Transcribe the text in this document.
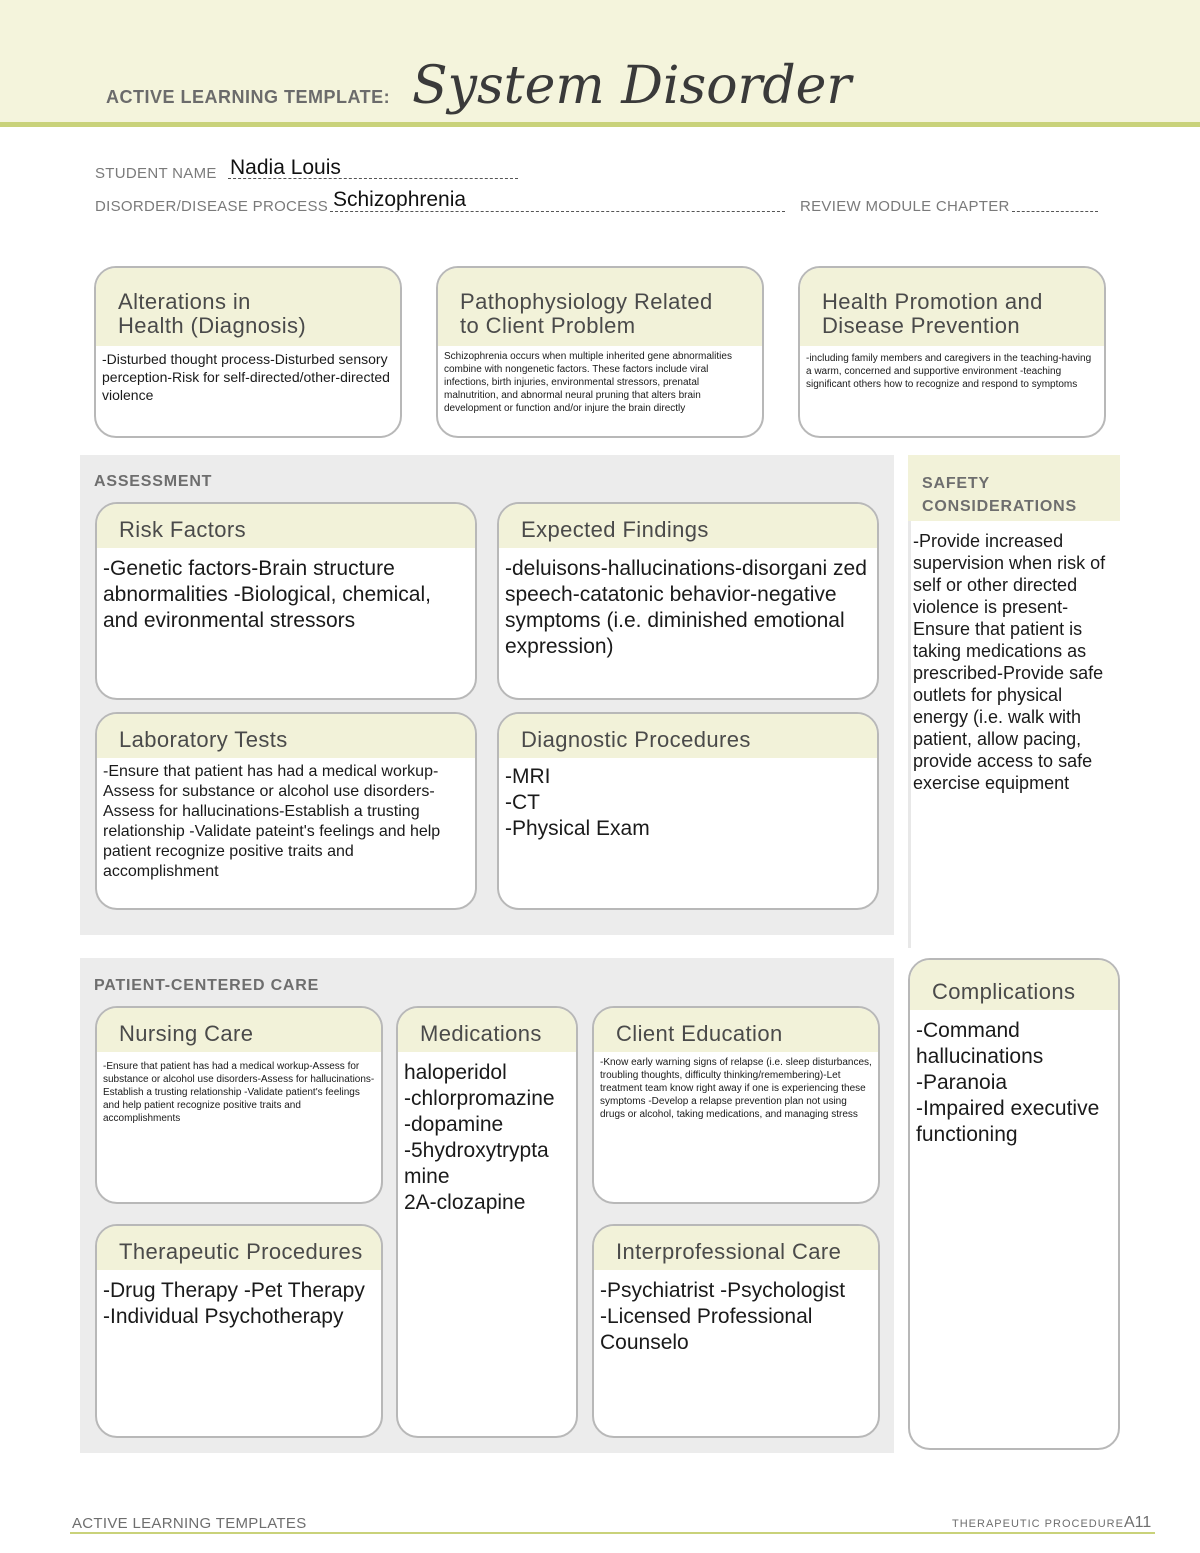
ACTIVE LEARNING TEMPLATE: System Disorder
STUDENT NAME Nadia Louis
DISORDER/DISEASE PROCESS Schizophrenia	REVIEW MODULE CHAPTER
Alterations in
Health (Diagnosis)
-Disturbed thought process-Disturbed sensory perception-Risk for self-directed/other-directed violence
Pathophysiology Related
to Client Problem
Schizophrenia occurs when multiple inherited gene abnormalities combine with nongenetic factors. These factors include viral infections, birth injuries, environmental stressors, prenatal malnutrition, and abnormal neural pruning that alters brain development or function and/or injure the brain directly
Health Promotion and
Disease Prevention
-including family members and caregivers in the teaching-having a warm, concerned and supportive environment -teaching significant others how to recognize and respond to symptoms
ASSESSMENT
Risk Factors
-Genetic factors-Brain structure abnormalities -Biological, chemical, and evironmental stressors
Expected Findings
-deluisons-hallucinations-disorgani zed speech-catatonic behavior-negative symptoms (i.e. diminished emotional expression)
Laboratory Tests
-Ensure that patient has had a medical workup-Assess for substance or alcohol use disorders-Assess for hallucinations-Establish a trusting relationship -Validate pateint's feelings and help patient recognize positive traits and accomplishment
Diagnostic Procedures
-MRI
-CT
-Physical Exam
SAFETY
CONSIDERATIONS
-Provide increased supervision when risk of self or other directed violence is present-Ensure that patient is taking medications as prescribed-Provide safe outlets for physical energy (i.e. walk with patient, allow pacing, provide access to safe exercise equipment
PATIENT-CENTERED CARE
Nursing Care
-Ensure that patient has had a medical workup-Assess for substance or alcohol use disorders-Assess for hallucinations-Establish a trusting relationship -Validate patient's feelings and help patient recognize positive traits and accomplishments
Medications
haloperidol
-chlorpromazine
-dopamine
-5hydroxytrypta
mine
2A-clozapine
Client Education
-Know early warning signs of relapse (i.e. sleep disturbances, troubling thoughts, difficulty thinking/remembering)-Let treatment team know right away if one is experiencing these symptoms -Develop a relapse prevention plan not using drugs or alcohol, taking medications, and managing stress
Therapeutic Procedures
-Drug Therapy -Pet Therapy -Individual Psychotherapy
Interprofessional Care
-Psychiatrist -Psychologist
-Licensed Professional Counselo
Complications
-Command hallucinations
-Paranoia
-Impaired executive functioning
ACTIVE LEARNING TEMPLATES	THERAPEUTIC PROCEDURE A11
